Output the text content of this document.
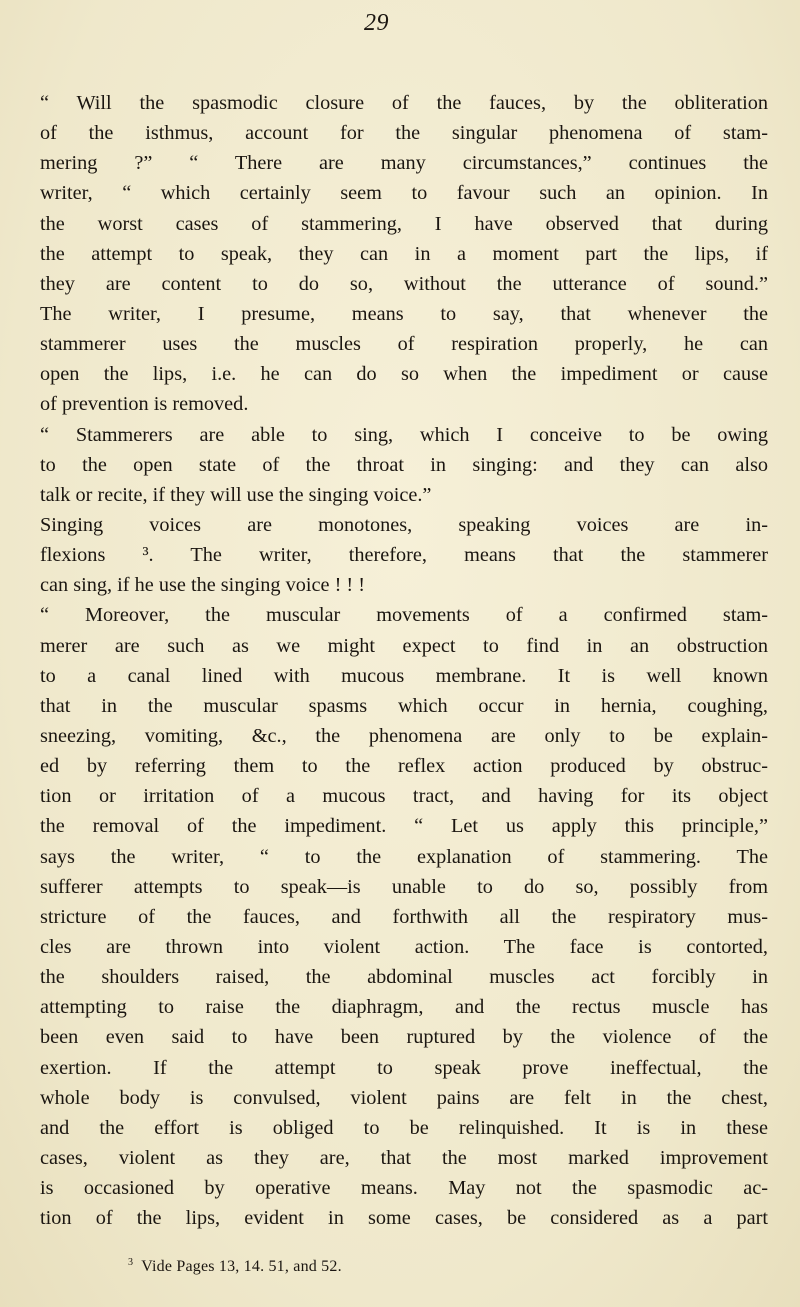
29
“ Will the spasmodic closure of the fauces, by the obliteration
of the isthmus, account for the singular phenomena of stam-
mering ?” “ There are many circumstances,” continues the
writer, “ which certainly seem to favour such an opinion. In
the worst cases of stammering, I have observed that during
the attempt to speak, they can in a moment part the lips, if
they are content to do so, without the utterance of sound.”
The writer, I presume, means to say, that whenever the
stammerer uses the muscles of respiration properly, he can
open the lips, i.e. he can do so when the impediment or cause
of prevention is removed.
“ Stammerers are able to sing, which I conceive to be owing
to the open state of the throat in singing: and they can also
talk or recite, if they will use the singing voice.”
Singing voices are monotones, speaking voices are in-
flexions ³. The writer, therefore, means that the stammerer
can sing, if he use the singing voice ! ! !
“ Moreover, the muscular movements of a confirmed stam-
merer are such as we might expect to find in an obstruction
to a canal lined with mucous membrane. It is well known
that in the muscular spasms which occur in hernia, coughing,
sneezing, vomiting, &c., the phenomena are only to be explain-
ed by referring them to the reflex action produced by obstruc-
tion or irritation of a mucous tract, and having for its object
the removal of the impediment. “ Let us apply this principle,”
says the writer, “ to the explanation of stammering. The
sufferer attempts to speak—is unable to do so, possibly from
stricture of the fauces, and forthwith all the respiratory mus-
cles are thrown into violent action. The face is contorted,
the shoulders raised, the abdominal muscles act forcibly in
attempting to raise the diaphragm, and the rectus muscle has
been even said to have been ruptured by the violence of the
exertion. If the attempt to speak prove ineffectual, the
whole body is convulsed, violent pains are felt in the chest,
and the effort is obliged to be relinquished. It is in these
cases, violent as they are, that the most marked improvement
is occasioned by operative means. May not the spasmodic ac-
tion of the lips, evident in some cases, be considered as a part
$^3$ Vide Pages 13, 14. 51, and 52.
